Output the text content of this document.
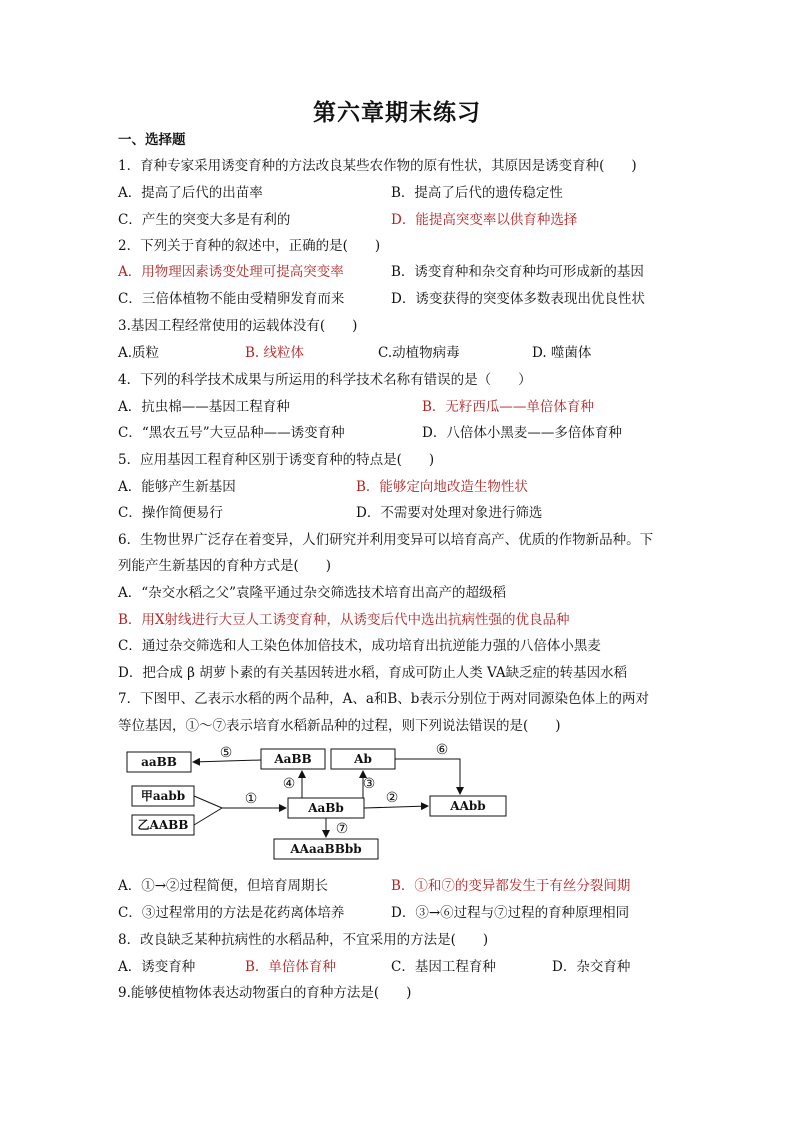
第六章期末练习
一、选择题
1．育种专家采用诱变育种的方法改良某些农作物的原有性状，其原因是诱变育种(　　)
A．提高了后代的出苗率	B．提高了后代的遗传稳定性
C．产生的突变大多是有利的	D．能提高突变率以供育种选择
2．下列关于育种的叙述中，正确的是(　　)
A．用物理因素诱变处理可提高突变率	B．诱变育种和杂交育种均可形成新的基因
C．三倍体植物不能由受精卵发育而来	D．诱变获得的突变体多数表现出优良性状
3.基因工程经常使用的运载体没有(　　)
A.质粒	B. 线粒体	C.动植物病毒	D. 噬菌体
4．下列的科学技术成果与所运用的科学技术名称有错误的是（　　）
A．抗虫棉——基因工程育种	B．无籽西瓜——单倍体育种
C．“黑农五号”大豆品种——诱变育种	D．八倍体小黑麦——多倍体育种
5．应用基因工程育种区别于诱变育种的特点是(　　)
A．能够产生新基因	B．能够定向地改造生物性状
C．操作简便易行	D．不需要对处理对象进行筛选
6．生物世界广泛存在着变异，人们研究并利用变异可以培育高产、优质的作物新品种。下
列能产生新基因的育种方式是(　　)
A．“杂交水稻之父”袁隆平通过杂交筛选技术培育出高产的超级稻
B．用X射线进行大豆人工诱变育种，从诱变后代中选出抗病性强的优良品种
C．通过杂交筛选和人工染色体加倍技术，成功培育出抗逆能力强的八倍体小黑麦
D．把合成 β 胡萝卜素的有关基因转进水稻，育成可防止人类 VA缺乏症的转基因水稻
7．下图甲、乙表示水稻的两个品种，A、a和B、b表示分别位于两对同源染色体上的两对
等位基因，①～⑦表示培育水稻新品种的过程，则下列说法错误的是(　　)
aaBB	AaBB	Ab
甲aabb
乙AABB
AaBb	AAbb
AAaaBBbb
①	②
③
④
⑤	⑥
⑦
A．①→②过程简便，但培育周期长	B．①和⑦的变异都发生于有丝分裂间期
C．③过程常用的方法是花药离体培养	D．③→⑥过程与⑦过程的育种原理相同
8．改良缺乏某种抗病性的水稻品种，不宜采用的方法是(　　)
A．诱变育种	B．单倍体育种	C．基因工程育种	D．杂交育种
9.能够使植物体表达动物蛋白的育种方法是(　　)
